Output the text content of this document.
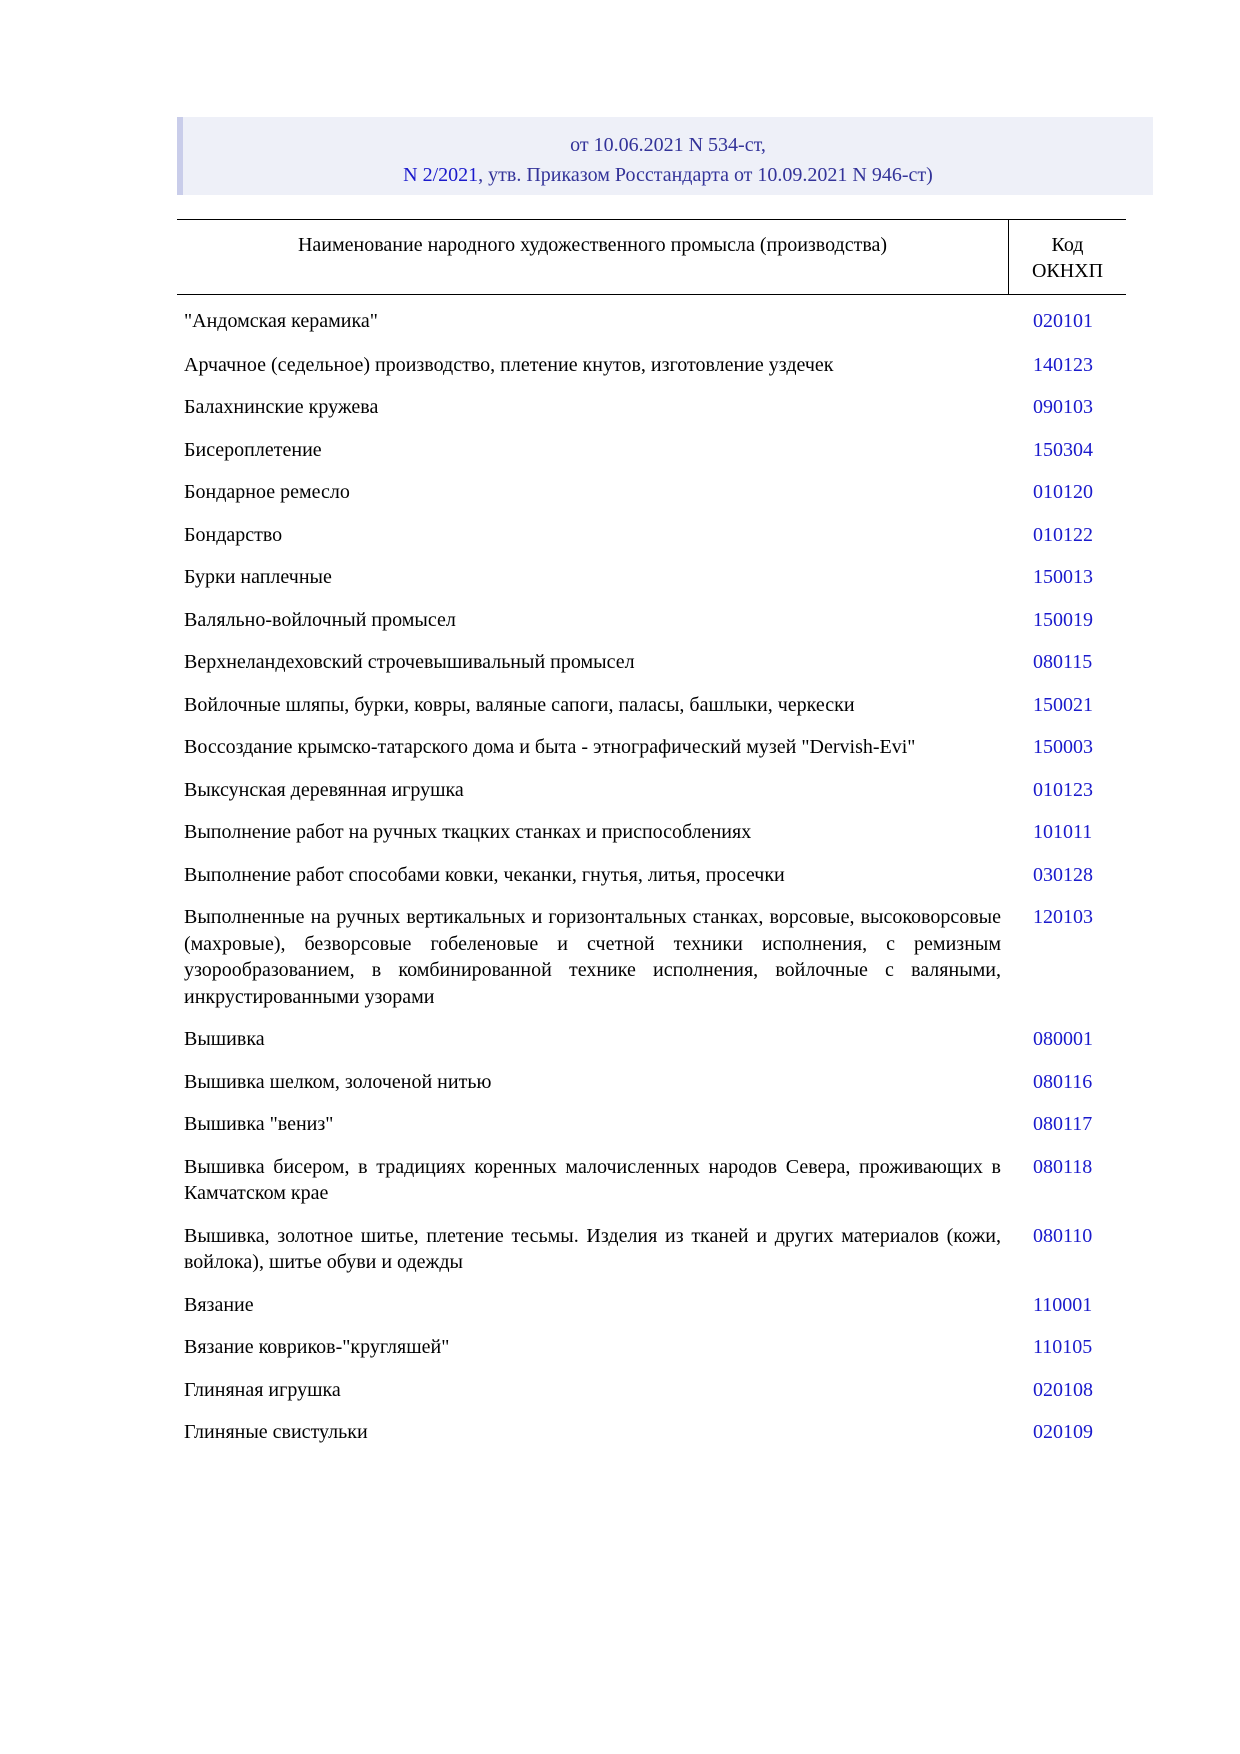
от 10.06.2021 N 534-ст,
N 2/2021, утв. Приказом Росстандарта от 10.09.2021 N 946-ст)
Наименование народного художественного промысла (производства)	Код
ОКНХП
"Андомская керамика"	020101
Арчачное (седельное) производство, плетение кнутов, изготовление уздечек	140123
Балахнинские кружева	090103
Бисероплетение	150304
Бондарное ремесло	010120
Бондарство	010122
Бурки наплечные	150013
Валяльно-войлочный промысел	150019
Верхнеландеховский строчевышивальный промысел	080115
Войлочные шляпы, бурки, ковры, валяные сапоги, паласы, башлыки, черкески	150021
Воссоздание крымско-татарского дома и быта - этнографический музей "Dervish-Evi"	150003
Выксунская деревянная игрушка	010123
Выполнение работ на ручных ткацких станках и приспособлениях	101011
Выполнение работ способами ковки, чеканки, гнутья, литья, просечки	030128
Выполненные на ручных вертикальных и горизонтальных станках, ворсовые, высоковорсовые (махровые), безворсовые гобеленовые и счетной техники исполнения, с ремизным узорообразованием, в комбинированной технике исполнения, войлочные с валяными, инкрустированными узорами
120103
Вышивка	080001
Вышивка шелком, золоченой нитью	080116
Вышивка "вениз"	080117
Вышивка бисером, в традициях коренных малочисленных народов Севера, проживающих в Камчатском крае
080118
Вышивка, золотное шитье, плетение тесьмы. Изделия из тканей и других материалов (кожи, войлока), шитье обуви и одежды
080110
Вязание	110001
Вязание ковриков-"кругляшей"	110105
Глиняная игрушка	020108
Глиняные свистульки	020109
